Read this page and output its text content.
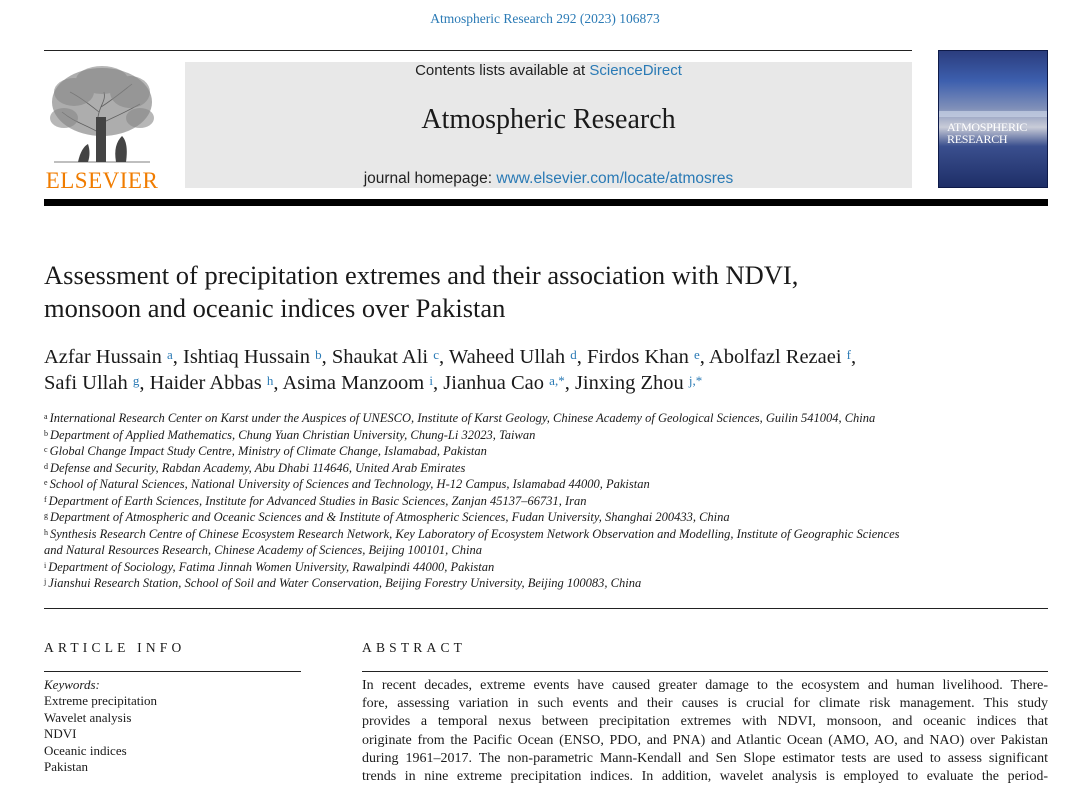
Atmospheric Research 292 (2023) 106873
ELSEVIER
Contents lists available at ScienceDirect
Atmospheric Research
journal homepage: www.elsevier.com/locate/atmosres
ATMOSPHERIC
RESEARCH
Assessment of precipitation extremes and their association with NDVI,
monsoon and oceanic indices over Pakistan
Azfar Hussain $^a$, Ishtiaq Hussain $^b$, Shaukat Ali $^c$, Waheed Ullah $^d$, Firdos Khan $^e$, Abolfazl Rezaei $^f$,
Safi Ullah $^g$, Haider Abbas $^h$, Asima Manzoom $^i$, Jianhua Cao $^{a,*}$, Jinxing Zhou $^{j,*}$
$^a$ International Research Center on Karst under the Auspices of UNESCO, Institute of Karst Geology, Chinese Academy of Geological Sciences, Guilin 541004, China
$^b$ Department of Applied Mathematics, Chung Yuan Christian University, Chung-Li 32023, Taiwan
$^c$ Global Change Impact Study Centre, Ministry of Climate Change, Islamabad, Pakistan
$^d$ Defense and Security, Rabdan Academy, Abu Dhabi 114646, United Arab Emirates
$^e$ School of Natural Sciences, National University of Sciences and Technology, H-12 Campus, Islamabad 44000, Pakistan
$^f$ Department of Earth Sciences, Institute for Advanced Studies in Basic Sciences, Zanjan 45137–66731, Iran
$^g$ Department of Atmospheric and Oceanic Sciences and & Institute of Atmospheric Sciences, Fudan University, Shanghai 200433, China
$^h$ Synthesis Research Centre of Chinese Ecosystem Research Network, Key Laboratory of Ecosystem Network Observation and Modelling, Institute of Geographic Sciences
and Natural Resources Research, Chinese Academy of Sciences, Beijing 100101, China
$^i$ Department of Sociology, Fatima Jinnah Women University, Rawalpindi 44000, Pakistan
$^j$ Jianshui Research Station, School of Soil and Water Conservation, Beijing Forestry University, Beijing 100083, China
ARTICLE INFO
Keywords:
Extreme precipitation
Wavelet analysis
NDVI
Oceanic indices
Pakistan
ABSTRACT
In recent decades, extreme events have caused greater damage to the ecosystem and human livelihood. There-
fore, assessing variation in such events and their causes is crucial for climate risk management. This study
provides a temporal nexus between precipitation extremes with NDVI, monsoon, and oceanic indices that
originate from the Pacific Ocean (ENSO, PDO, and PNA) and Atlantic Ocean (AMO, AO, and NAO) over Pakistan
during 1961–2017. The non-parametric Mann-Kendall and Sen Slope estimator tests are used to assess significant
trends in nine extreme precipitation indices. In addition, wavelet analysis is employed to evaluate the period-
